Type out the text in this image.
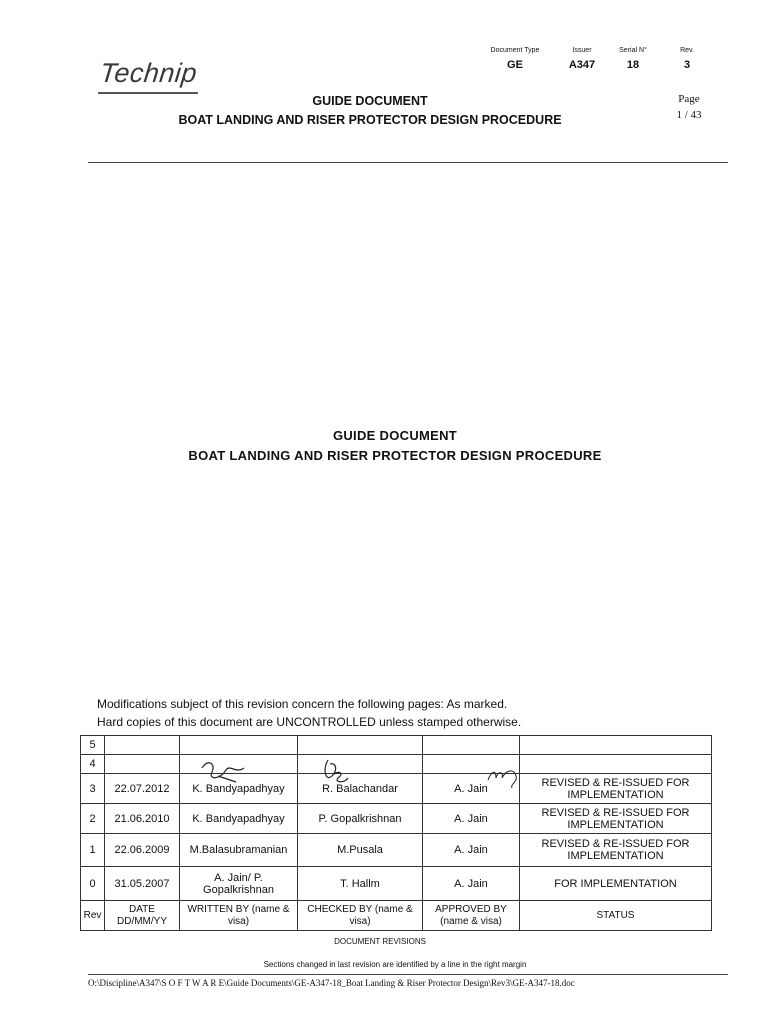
Technip
Document Type	Issuer	Serial N°	Rev.
GE	A347	18	3
GUIDE DOCUMENT
BOAT LANDING AND RISER PROTECTOR DESIGN PROCEDURE
Page
1 / 43
GUIDE DOCUMENT
BOAT LANDING AND RISER PROTECTOR DESIGN PROCEDURE
Modifications subject of this revision concern the following pages: As marked.
Hard copies of this document are UNCONTROLLED unless stamped otherwise.
5					
4					
3	22.07.2012	K. Bandyapadhyay	R. Balachandar	A. Jain	REVISED & RE-ISSUED FOR IMPLEMENTATION
2	21.06.2010	K. Bandyapadhyay	P. Gopalkrishnan	A. Jain	REVISED & RE-ISSUED FOR IMPLEMENTATION
1	22.06.2009	M.Balasubramanian	M.Pusala	A. Jain	REVISED & RE-ISSUED FOR IMPLEMENTATION
0	31.05.2007	A. Jain/ P. Gopalkrishnan	T. Hallm	A. Jain	FOR IMPLEMENTATION
Rev	DATE DD/MM/YY	WRITTEN BY (name & visa)	CHECKED BY (name & visa)	APPROVED BY (name & visa)	STATUS
DOCUMENT REVISIONS
Sections changed in last revision are identified by a line in the right margin
O:\Discipline\A347\S O F T W A R E\Guide Documents\GE-A347-18_Boat Landing & Riser Protector Design\Rev3\GE-A347-18.doc
